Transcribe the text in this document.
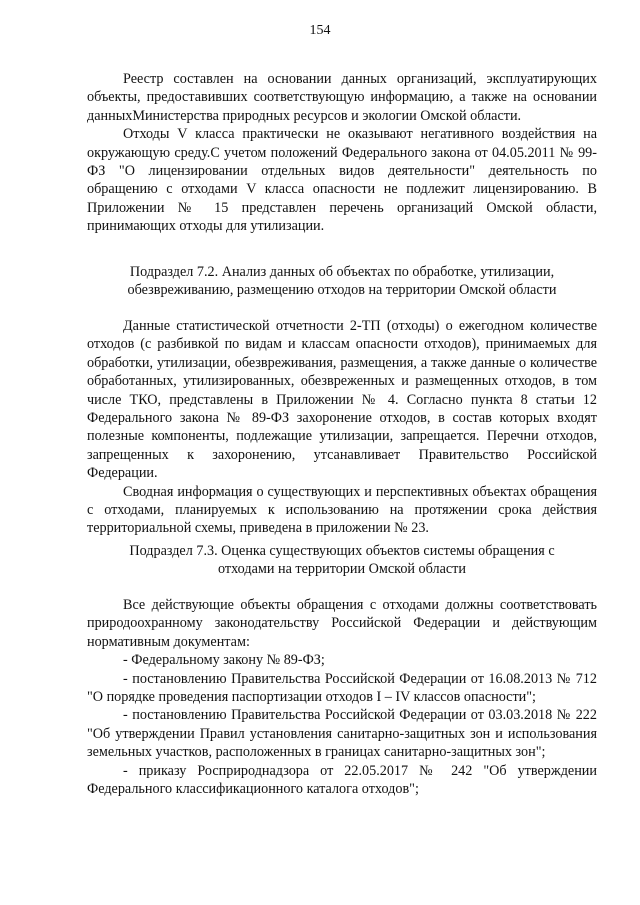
154

Реестр составлен на основании данных организаций, эксплуатирующих объекты, предоставивших соответствующую информацию, а также на основании данныхМинистерства природных ресурсов и экологии Омской области.

Отходы V класса практически не оказывают негативного воздействия на окружающую среду.С учетом положений Федерального закона от 04.05.2011 № 99-ФЗ "О лицензировании отдельных видов деятельности" деятельность по обращению с отходами V класса опасности не подлежит лицензированию. В Приложении № 15 представлен перечень организаций Омской области, принимающих отходы для утилизации.

Подраздел 7.2. Анализ данных об объектах по обработке, утилизации,
обезвреживанию, размещению отходов на территории Омской области

Данные статистической отчетности 2-ТП (отходы) о ежегодном количестве отходов (с разбивкой по видам и классам опасности отходов), принимаемых для обработки, утилизации, обезвреживания, размещения, а также данные о количестве обработанных, утилизированных, обезвреженных и размещенных отходов, в том числе ТКО, представлены в Приложении № 4. Согласно пункта 8 статьи 12 Федерального закона № 89-ФЗ захоронение отходов, в состав которых входят полезные компоненты, подлежащие утилизации, запрещается. Перечни отходов, запрещенных к захоронению, утсанавливает Правительство Российской Федерации.

Сводная информация о существующих и перспективных объектах обращения с отходами, планируемых к использованию на протяжении срока действия территориальной схемы, приведена в приложении № 23.

Подраздел 7.3. Оценка существующих объектов системы обращения с
отходами на территории Омской области

Все действующие объекты обращения с отходами должны соответствовать природоохранному законодательству Российской Федерации и действующим нормативным документам:

- Федеральному закону № 89-ФЗ;

- постановлению Правительства Российской Федерации от 16.08.2013 № 712 "О порядке проведения паспортизации отходов I – IV классов опасности";

- постановлению Правительства Российской Федерации от 03.03.2018 № 222 "Об утверждении Правил установления санитарно-защитных зон и использования земельных участков, расположенных в границах санитарно-защитных зон";

- приказу Росприроднадзора от 22.05.2017 № 242 "Об утверждении Федерального классификационного каталога отходов";
